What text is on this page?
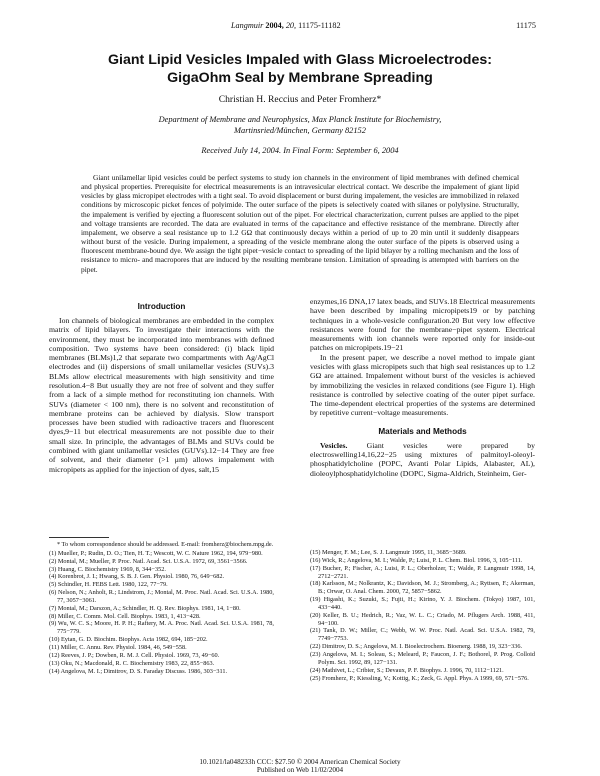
Langmuir 2004, 20, 11175-11182	11175
Giant Lipid Vesicles Impaled with Glass Microelectrodes:
GigaOhm Seal by Membrane Spreading
Christian H. Reccius and Peter Fromherz*
Department of Membrane and Neurophysics, Max Planck Institute for Biochemistry,
Martinsried/München, Germany 82152
Received July 14, 2004. In Final Form: September 6, 2004
Giant unilamellar lipid vesicles could be perfect systems to study ion channels in the environment of lipid membranes with defined chemical and physical properties. Prerequisite for electrical measurements is an intravesicular electrical contact. We describe the impalement of giant lipid vesicles by glass micropipet electrodes with a tight seal. To avoid displacement or burst during impalement, the vesicles are immobilized in relaxed conditions by microscopic picket fences of polyimide. The outer surface of the pipets is selectively coated with silanes or polylysine. Structurally, the impalement is verified by ejecting a fluorescent solution out of the pipet. For electrical characterization, current pulses are applied to the pipet and voltage transients are recorded. The data are evaluated in terms of the capacitance and effective resistance of the membrane. Directly after impalement, we observe a seal resistance up to 1.2 GΩ that continuously decays within a period of up to 20 min until it suddenly disappears without burst of the vesicle. During impalement, a spreading of the vesicle membrane along the outer surface of the pipets is observed using a fluorescent membrane-bound dye. We assign the tight pipet−vesicle contact to spreading of the lipid bilayer by a rolling mechanism and the loss of resistance to micro- and macropores that are induced by the resulting membrane tension. Limitation of spreading is attempted with barriers on the pipet.
Introduction

Ion channels of biological membranes are embedded in the complex matrix of lipid bilayers. To investigate their interactions with the environment, they must be incorporated into membranes with defined composition. Two systems have been considered: (i) black lipid membranes (BLMs)1,2 that separate two compartments with Ag/AgCl electrodes and (ii) dispersions of small unilamellar vesicles (SUVs).3 BLMs allow electrical measurements with high sensitivity and time resolution.4−8 But usually they are not free of solvent and they suffer from a lack of a simple method for reconstituting ion channels. With SUVs (diameter < 100 nm), there is no solvent and reconstitution of membrane proteins can be achieved by dialysis. Slow transport processes have been studied with radioactive tracers and fluorescent dyes,9−11 but electrical measurements are not possible due to their small size. In principle, the advantages of BLMs and SUVs could be combined with giant unilamellar vesicles (GUVs).12−14 They are free of solvent, and their diameter (>1 μm) allows impalement with micropipets as applied for the injection of dyes, salt,15

enzymes,16 DNA,17 latex beads, and SUVs.18 Electrical measurements have been described by impaling micropipets19 or by patching techniques in a whole-vesicle configuration.20 But very low effective resistances were found for the membrane−pipet system. Electrical measurements with ion channels were reported only for inside-out patches on micropipets.19−21

In the present paper, we describe a novel method to impale giant vesicles with glass micropipets such that high seal resistances up to 1.2 GΩ are attained. Impalement without burst of the vesicles is achieved by immobilizing the vesicles in relaxed conditions (see Figure 1). High resistance is controlled by selective coating of the outer pipet surface. The time-dependent electrical properties of the systems are determined by repetitive current−voltage measurements.

Materials and Methods

Vesicles. Giant vesicles were prepared by electroswelling14,16,22−25 using mixtures of palmitoyl-oleoyl-phosphatidylcholine (POPC, Avanti Polar Lipids, Alabaster, AL), dioleoylphosphatidylcholine (DOPC, Sigma-Aldrich, Steinheim, Ger-

* To whom correspondence should be addressed. E-mail: fromherz@biochem.mpg.de.
(1) Mueller, P.; Rudin, D. O.; Tien, H. T.; Wescott, W. C. Nature 1962, 194, 979−980.
(2) Montal, M.; Mueller, P. Proc. Natl. Acad. Sci. U.S.A. 1972, 69, 3561−3566.
(3) Huang, C. Biochemistry 1969, 8, 344−352.
(4) Korenbrot, J. I.; Hwang, S. B. J. Gen. Physiol. 1980, 76, 649−682.
(5) Schindler, H. FEBS Lett. 1980, 122, 77−79.
(6) Nelson, N.; Anholt, R.; Lindstrom, J.; Montal, M. Proc. Natl. Acad. Sci. U.S.A. 1980, 77, 3057−3061.
(7) Montal, M.; Darszon, A.; Schindler, H. Q. Rev. Biophys. 1981, 14, 1−80.
(8) Miller, C. Comm. Mol. Cell. Biophys. 1983, 1, 413−428.
(9) Wu, W. C. S.; Moore, H. P. H.; Raftery, M. A. Proc. Natl. Acad. Sci. U.S.A. 1981, 78, 775−779.
(10) Eytan, G. D. Biochim. Biophys. Acta 1982, 694, 185−202.
(11) Miller, C. Annu. Rev. Physiol. 1984, 46, 549−558.
(12) Reeves, J. P.; Dowben, R. M. J. Cell. Physiol. 1969, 73, 49−60.
(13) Oku, N.; Macdonald, R. C. Biochemistry 1983, 22, 855−863.
(14) Angelova, M. I.; Dimitrov, D. S. Faraday Discuss. 1986, 303−311.
(15) Menger, F. M.; Lee, S. J. Langmuir 1995, 11, 3685−3689.
(16) Wick, R.; Angelova, M. I.; Walde, P.; Luisi, P. L. Chem. Biol. 1996, 3, 105−111.
(17) Bucher, P.; Fischer, A.; Luisi, P. L.; Oberholzer, T.; Walde, P. Langmuir 1998, 14, 2712−2721.
(18) Karlsson, M.; Nolkrantz, K.; Davidson, M. J.; Stromberg, A.; Ryttsen, F.; Akerman, B.; Orwar, O. Anal. Chem. 2000, 72, 5857−5862.
(19) Higashi, K.; Suzuki, S.; Fujii, H.; Kirino, Y. J. Biochem. (Tokyo) 1987, 101, 433−440.
(20) Keller, B. U.; Hedrich, R.; Vaz, W. L. C.; Criado, M. Pflugers Arch. 1988, 411, 94−100.
(21) Tank, D. W.; Miller, C.; Webb, W. W. Proc. Natl. Acad. Sci. U.S.A. 1982, 79, 7749−7753.
(22) Dimitrov, D. S.; Angelova, M. I. Bioelectrochem. Bioenerg. 1988, 19, 323−336.
(23) Angelova, M. I.; Soleau, S.; Meleard, P.; Faucon, J. F.; Bothorel, P. Prog. Colloid Polym. Sci. 1992, 89, 127−131.
(24) Mathivet, L.; Cribier, S.; Devaux, P. F. Biophys. J. 1996, 70, 1112−1121.
(25) Fromherz, P.; Kiessling, V.; Kottig, K.; Zeck, G. Appl. Phys. A 1999, 69, 571−576.
10.1021/la048233h CCC: $27.50 © 2004 American Chemical Society
Published on Web 11/02/2004
